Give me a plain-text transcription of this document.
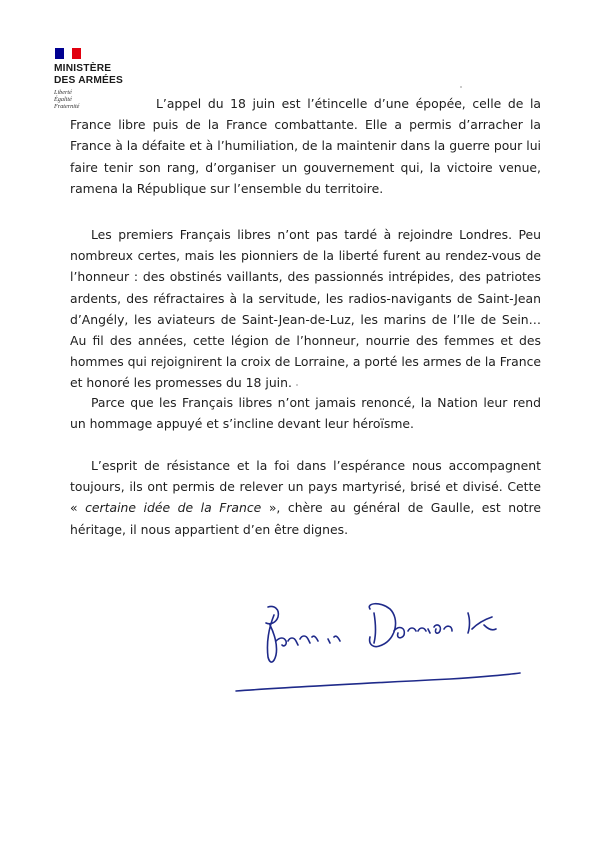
MINISTÈRE
DES ARMÉES
Liberté
Égalité
Fraternité	L’appel du 18 juin est l’étincelle d’une épopée, celle de la France libre puis de la France combattante. Elle a permis d’arracher la France à la défaite et à l’humiliation, de la maintenir dans la guerre pour lui faire tenir son rang, d’organiser un gouvernement qui, la victoire venue, ramena la République sur l’ensemble du territoire.
Les premiers Français libres n’ont pas tardé à rejoindre Londres. Peu nombreux certes, mais les pionniers de la liberté furent au rendez-vous de l’honneur : des obstinés vaillants, des passionnés intrépides, des patriotes ardents, des réfractaires à la servitude, les radios-navigants de Saint-Jean d’Angély, les aviateurs de Saint-Jean-de-Luz, les marins de l’Ile de Sein… Au fil des années, cette légion de l’honneur, nourrie des femmes et des hommes qui rejoignirent la croix de Lorraine, a porté les armes de la France et honoré les promesses du 18 juin.
Parce que les Français libres n’ont jamais renoncé, la Nation leur rend un hommage appuyé et s’incline devant leur héroïsme.
L’esprit de résistance et la foi dans l’espérance nous accompagnent toujours, ils ont permis de relever un pays martyrisé, brisé et divisé. Cette « certaine idée de la France », chère au général de Gaulle, est notre héritage, il nous appartient d’en être dignes.
